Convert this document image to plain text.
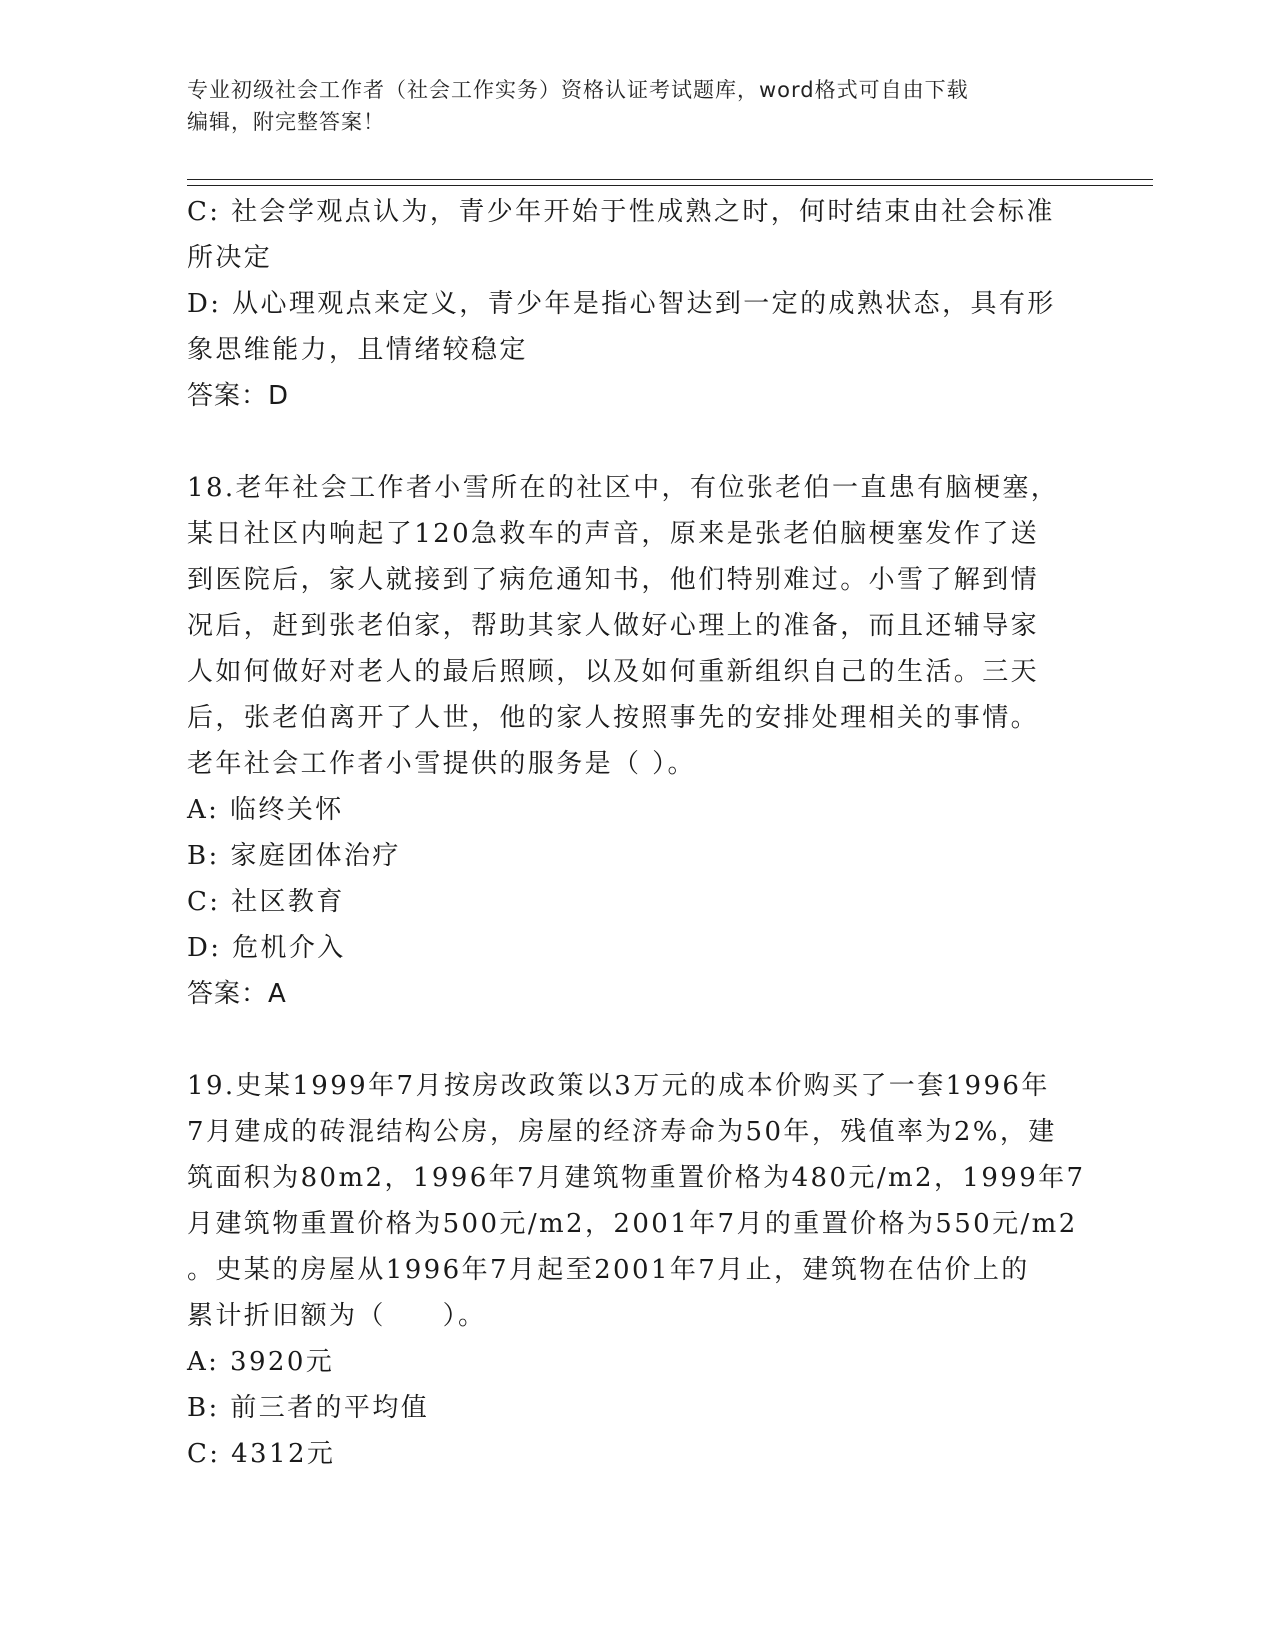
专业初级社会工作者（社会工作实务）资格认证考试题库，word格式可自由下载
编辑，附完整答案！
C: 社会学观点认为，青少年开始于性成熟之时，何时结束由社会标准
所决定
D: 从心理观点来定义，青少年是指心智达到一定的成熟状态，具有形
象思维能力，且情绪较稳定
答案：D
18.老年社会工作者小雪所在的社区中，有位张老伯一直患有脑梗塞，
某日社区内响起了120急救车的声音，原来是张老伯脑梗塞发作了送
到医院后，家人就接到了病危通知书，他们特别难过。小雪了解到情
况后，赶到张老伯家，帮助其家人做好心理上的准备，而且还辅导家
人如何做好对老人的最后照顾，以及如何重新组织自己的生活。三天
后，张老伯离开了人世，他的家人按照事先的安排处理相关的事情。
老年社会工作者小雪提供的服务是（ ）。
A: 临终关怀
B: 家庭团体治疗
C: 社区教育
D: 危机介入
答案：A
19.史某1999年7月按房改政策以3万元的成本价购买了一套1996年
7月建成的砖混结构公房，房屋的经济寿命为50年，残值率为2%，建
筑面积为80m2，1996年7月建筑物重置价格为480元/m2，1999年7
月建筑物重置价格为500元/m2，2001年7月的重置价格为550元/m2
。史某的房屋从1996年7月起至2001年7月止，建筑物在估价上的
累计折旧额为（　　）。
A: 3920元
B: 前三者的平均值
C: 4312元
